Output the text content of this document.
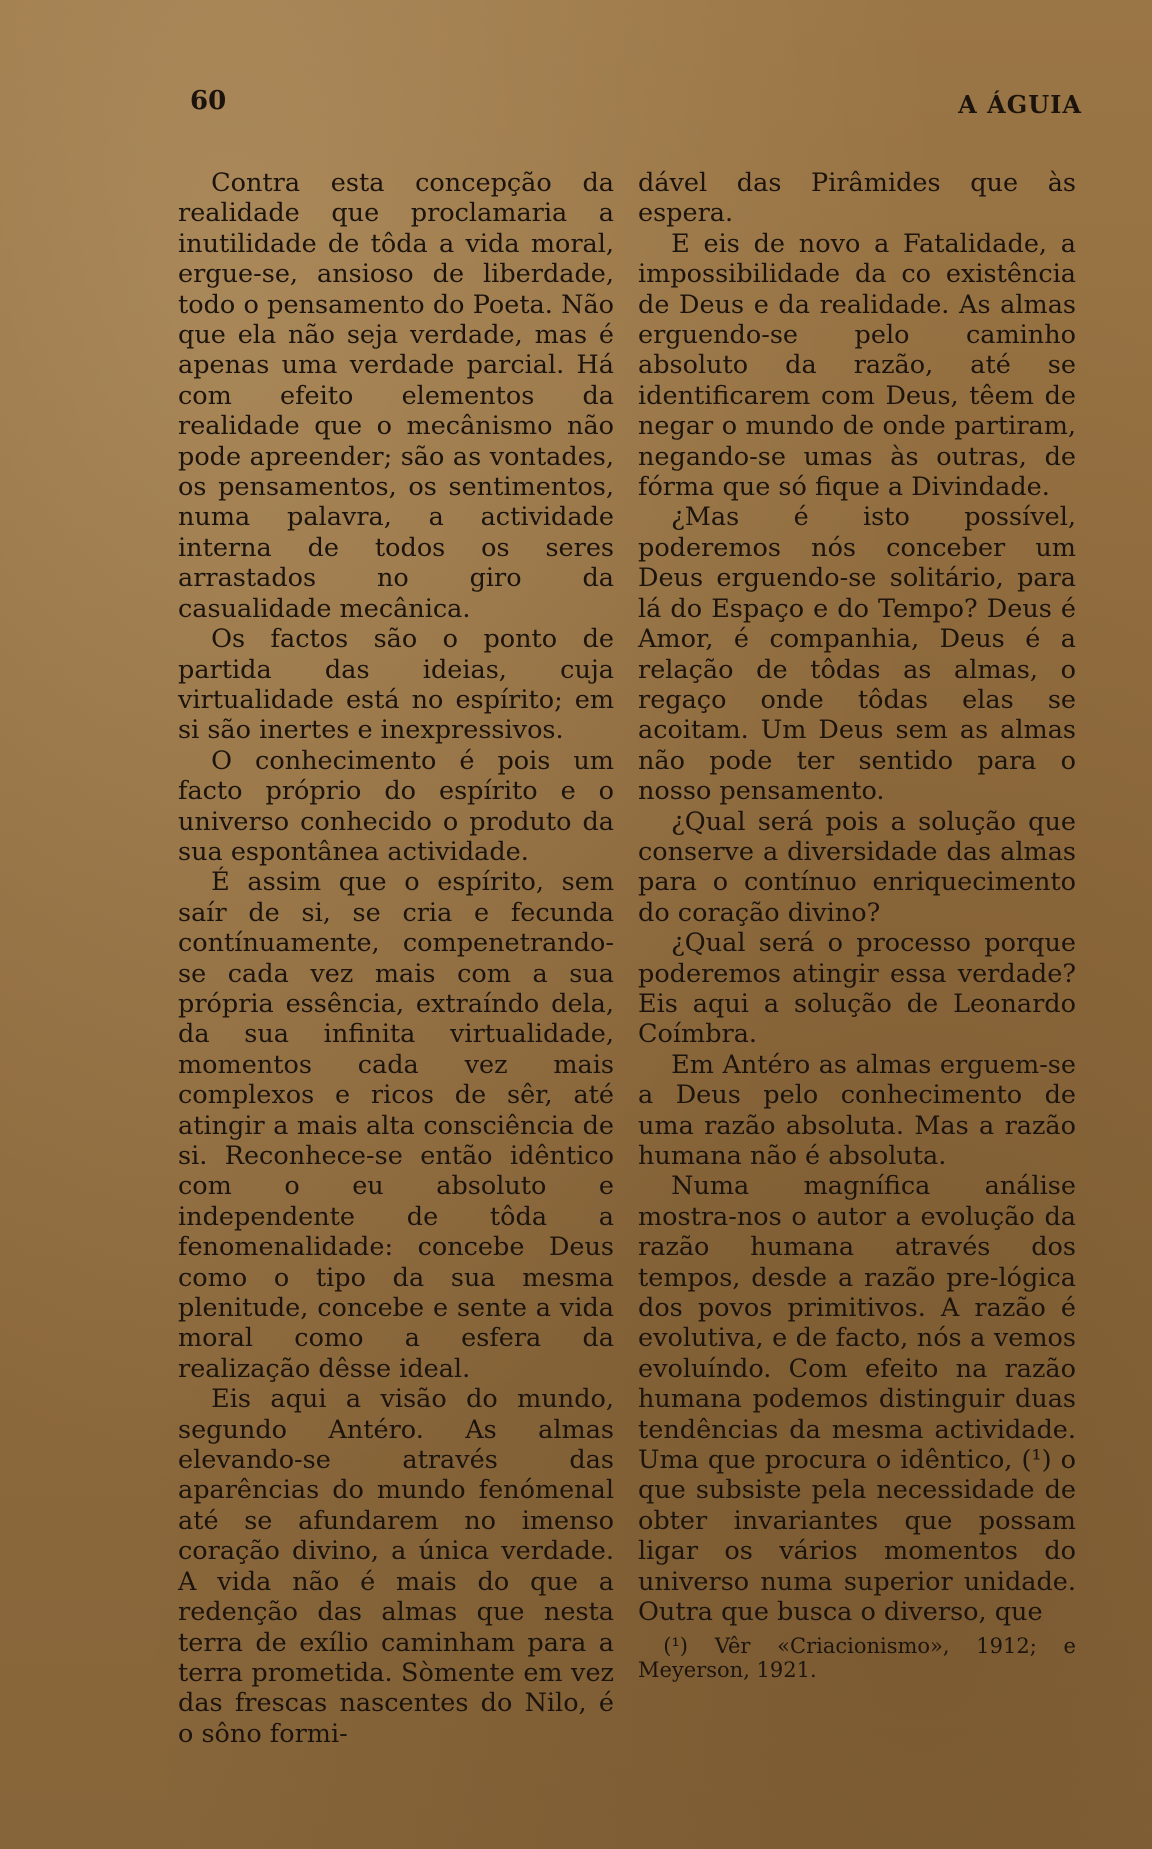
60	A ÁGUIA

Contra esta concepção da realidade que proclamaria a inutilidade de tôda a vida moral, ergue-se, ansioso de liberdade, todo o pensamento do Poeta. Não que ela não seja verdade, mas é apenas uma verdade parcial. Há com efeito elementos da realidade que o mecânismo não pode apreender; são as vontades, os pensamentos, os sentimentos, numa palavra, a actividade interna de todos os seres arrastados no giro da casualidade mecânica.

Os factos são o ponto de partida das ideias, cuja virtualidade está no espírito; em si são inertes e inexpressivos.

O conhecimento é pois um facto próprio do espírito e o universo conhecido o produto da sua espontânea actividade.

É assim que o espírito, sem saír de si, se cria e fecunda contínuamente, compenetrando-se cada vez mais com a sua própria essência, extraíndo dela, da sua infinita virtualidade, momentos cada vez mais complexos e ricos de sêr, até atingir a mais alta consciência de si. Reconhece-se então idêntico com o eu absoluto e independente de tôda a fenomenalidade: concebe Deus como o tipo da sua mesma plenitude, concebe e sente a vida moral como a esfera da realização dêsse ideal.

Eis aqui a visão do mundo, segundo Antéro. As almas elevando-se através das aparências do mundo fenómenal até se afundarem no imenso coração divino, a única verdade. A vida não é mais do que a redenção das almas que nesta terra de exílio caminham para a terra prometida. Sòmente em vez das frescas nascentes do Nilo, é o sôno formi-

dável das Pirâmides que às espera.

E eis de novo a Fatalidade, a impossibilidade da co existência de Deus e da realidade. As almas erguendo-se pelo caminho absoluto da razão, até se identificarem com Deus, têem de negar o mundo de onde partiram, negando-se umas às outras, de fórma que só fique a Divindade.

¿Mas é isto possível, poderemos nós conceber um Deus erguendo-se solitário, para lá do Espaço e do Tempo? Deus é Amor, é companhia, Deus é a relação de tôdas as almas, o regaço onde tôdas elas se acoitam. Um Deus sem as almas não pode ter sentido para o nosso pensamento.

¿Qual será pois a solução que conserve a diversidade das almas para o contínuo enriquecimento do coração divino?

¿Qual será o processo porque poderemos atingir essa verdade? Eis aqui a solução de Leonardo Coímbra.

Em Antéro as almas erguem-se a Deus pelo conhecimento de uma razão absoluta. Mas a razão humana não é absoluta.

Numa magnífica análise mostra-nos o autor a evolução da razão humana através dos tempos, desde a razão pre-lógica dos povos primitivos. A razão é evolutiva, e de facto, nós a vemos evoluíndo. Com efeito na razão humana podemos distinguir duas tendências da mesma actividade. Uma que procura o idêntico, (¹) o que subsiste pela necessidade de obter invariantes que possam ligar os vários momentos do universo numa superior unidade. Outra que busca o diverso, que

(¹) Vêr «Criacionismo», 1912; e Meyerson, 1921.
